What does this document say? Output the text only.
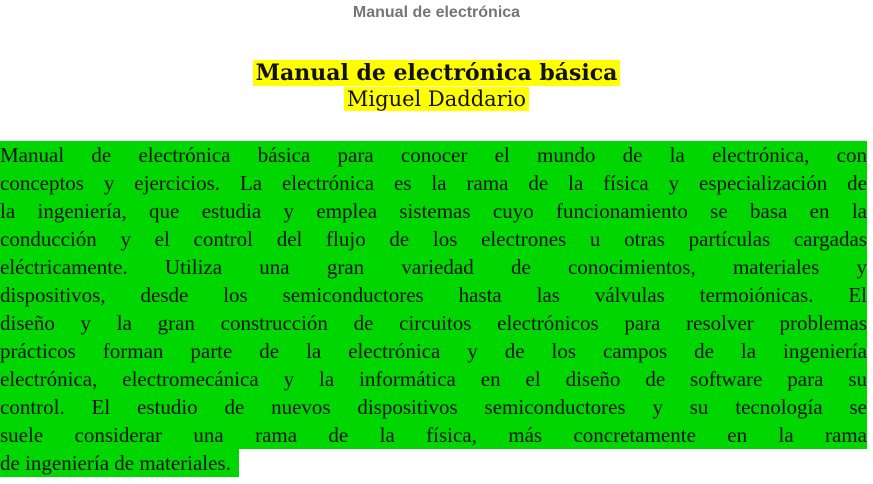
Manual de electrónica
Manual de electrónica básica
Miguel Daddario
Manual de electrónica básica para conocer el mundo de la electrónica, con
conceptos y ejercicios. La electrónica es la rama de la física y especialización de
la ingeniería, que estudia y emplea sistemas cuyo funcionamiento se basa en la
conducción y el control del flujo de los electrones u otras partículas cargadas
eléctricamente. Utiliza una gran variedad de conocimientos, materiales y
dispositivos, desde los semiconductores hasta las válvulas termoiónicas. El
diseño y la gran construcción de circuitos electrónicos para resolver problemas
prácticos forman parte de la electrónica y de los campos de la ingeniería
electrónica, electromecánica y la informática en el diseño de software para su
control. El estudio de nuevos dispositivos semiconductores y su tecnología se
suele considerar una rama de la física, más concretamente en la rama
de ingeniería de materiales.
